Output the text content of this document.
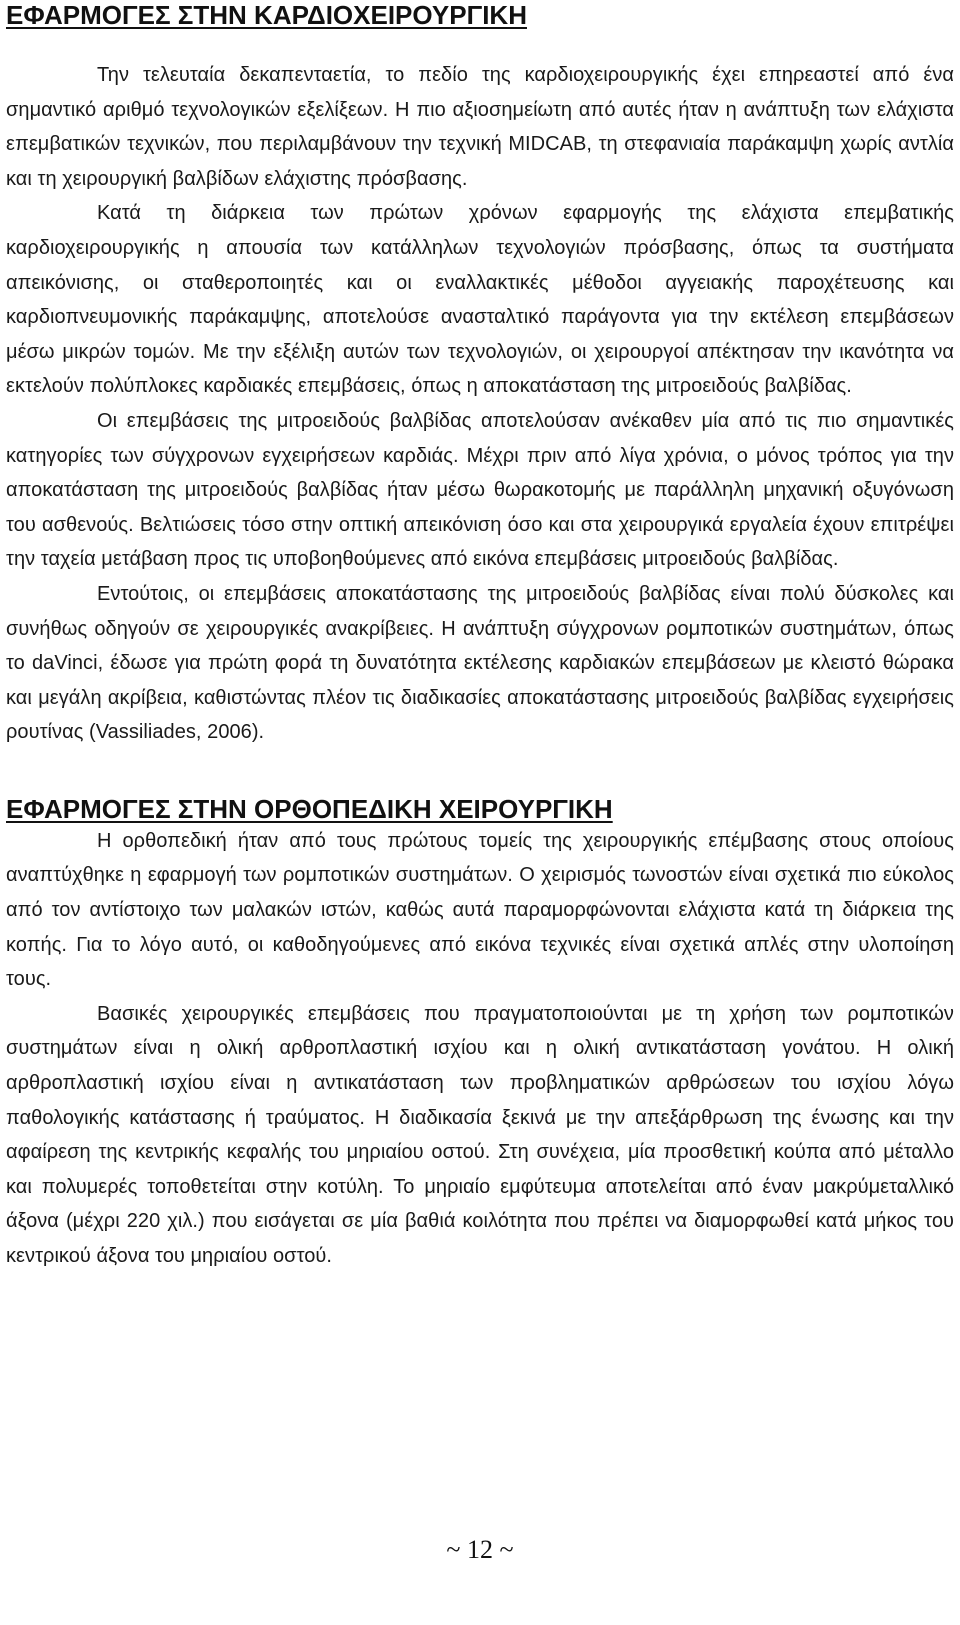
ΕΦΑΡΜΟΓΕΣ ΣΤΗΝ ΚΑΡΔΙΟΧΕΙΡΟΥΡΓΙΚΗ

Την τελευταία δεκαπενταετία, το πεδίο της καρδιοχειρουργικής έχει επηρεαστεί από ένα σημαντικό αριθμό τεχνολογικών εξελίξεων. Η πιο αξιοσημείωτη από αυτές ήταν η ανάπτυξη των ελάχιστα επεμβατικών τεχνικών, που περιλαμβάνουν την τεχνική MIDCAB, τη στεφανιαία παράκαμψη χωρίς αντλία και τη χειρουργική βαλβίδων ελάχιστης πρόσβασης.

Κατά τη διάρκεια των πρώτων χρόνων εφαρμογής της ελάχιστα επεμβατικής καρδιοχειρουργικής η απουσία των κατάλληλων τεχνολογιών πρόσβασης, όπως τα συστήματα απεικόνισης, οι σταθεροποιητές και οι εναλλακτικές μέθοδοι αγγειακής παροχέτευσης και καρδιοπνευμονικής παράκαμψης, αποτελούσε ανασταλτικό παράγοντα για την εκτέλεση επεμβάσεων μέσω μικρών τομών. Με την εξέλιξη αυτών των τεχνολογιών, οι χειρουργοί απέκτησαν την ικανότητα να εκτελούν πολύπλοκες καρδιακές επεμβάσεις, όπως η αποκατάσταση της μιτροειδούς βαλβίδας.

Οι επεμβάσεις της μιτροειδούς βαλβίδας αποτελούσαν ανέκαθεν μία από τις πιο σημαντικές κατηγορίες των σύγχρονων εγχειρήσεων καρδιάς. Μέχρι πριν από λίγα χρόνια, ο μόνος τρόπος για την αποκατάσταση της μιτροειδούς βαλβίδας ήταν μέσω θωρακοτομής με παράλληλη μηχανική οξυγόνωση του ασθενούς. Βελτιώσεις τόσο στην οπτική απεικόνιση όσο και στα χειρουργικά εργαλεία έχουν επιτρέψει την ταχεία μετάβαση προς τις υποβοηθούμενες από εικόνα επεμβάσεις μιτροειδούς βαλβίδας.

Εντούτοις, οι επεμβάσεις αποκατάστασης της μιτροειδούς βαλβίδας είναι πολύ δύσκολες και συνήθως οδηγούν σε χειρουργικές ανακρίβειες. Η ανάπτυξη σύγχρονων ρομποτικών συστημάτων, όπως το daVinci, έδωσε για πρώτη φορά τη δυνατότητα εκτέλεσης καρδιακών επεμβάσεων με κλειστό θώρακα και μεγάλη ακρίβεια, καθιστώντας πλέον τις διαδικασίες αποκατάστασης μιτροειδούς βαλβίδας εγχειρήσεις ρουτίνας (Vassiliades, 2006).

ΕΦΑΡΜΟΓΕΣ ΣΤΗΝ ΟΡΘΟΠΕΔΙΚΗ ΧΕΙΡΟΥΡΓΙΚΗ

Η ορθοπεδική ήταν από τους πρώτους τομείς της χειρουργικής επέμβασης στους οποίους αναπτύχθηκε η εφαρμογή των ρομποτικών συστημάτων. Ο χειρισμός τωνοστών είναι σχετικά πιο εύκολος από τον αντίστοιχο των μαλακών ιστών, καθώς αυτά παραμορφώνονται ελάχιστα κατά τη διάρκεια της κοπής. Για το λόγο αυτό, οι καθοδηγούμενες από εικόνα τεχνικές είναι σχετικά απλές στην υλοποίηση τους.

Βασικές χειρουργικές επεμβάσεις που πραγματοποιούνται με τη χρήση των ρομποτικών συστημάτων είναι η ολική αρθροπλαστική ισχίου και η ολική αντικατάσταση γονάτου. Η ολική αρθροπλαστική ισχίου είναι η αντικατάσταση των προβληματικών αρθρώσεων του ισχίου λόγω παθολογικής κατάστασης ή τραύματος. Η διαδικασία ξεκινά με την απεξάρθρωση της ένωσης και την αφαίρεση της κεντρικής κεφαλής του μηριαίου οστού. Στη συνέχεια, μία προσθετική κούπα από μέταλλο και πολυμερές τοποθετείται στην κοτύλη. Το μηριαίο εμφύτευμα αποτελείται από έναν μακρύμεταλλικό άξονα (μέχρι 220 χιλ.) που εισάγεται σε μία βαθιά κοιλότητα που πρέπει να διαμορφωθεί κατά μήκος του κεντρικού άξονα του μηριαίου οστού.

~ 12 ~
